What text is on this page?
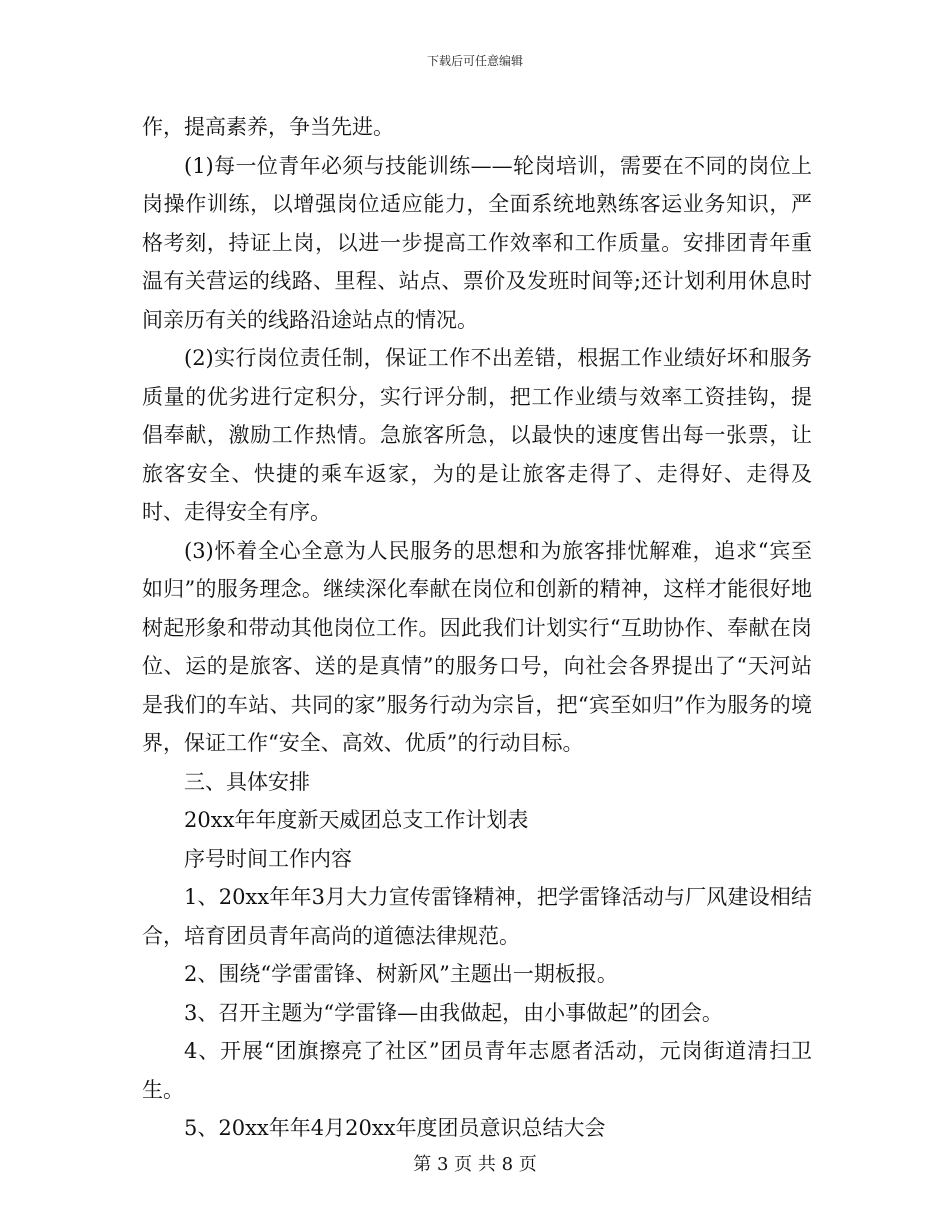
下载后可任意编辑

作，提高素养，争当先进。

(1)每一位青年必须与技能训练——轮岗培训，需要在不同的岗位上岗操作训练，以增强岗位适应能力，全面系统地熟练客运业务知识，严格考刻，持证上岗，以进一步提高工作效率和工作质量。安排团青年重温有关营运的线路、里程、站点、票价及发班时间等;还计划利用休息时间亲历有关的线路沿途站点的情况。

(2)实行岗位责任制，保证工作不出差错，根据工作业绩好坏和服务质量的优劣进行定积分，实行评分制，把工作业绩与效率工资挂钩，提倡奉献，激励工作热情。急旅客所急，以最快的速度售出每一张票，让旅客安全、快捷的乘车返家，为的是让旅客走得了、走得好、走得及时、走得安全有序。

(3)怀着全心全意为人民服务的思想和为旅客排忧解难，追求“宾至如归”的服务理念。继续深化奉献在岗位和创新的精神，这样才能很好地树起形象和带动其他岗位工作。因此我们计划实行“互助协作、奉献在岗位、运的是旅客、送的是真情”的服务口号，向社会各界提出了“天河站是我们的车站、共同的家”服务行动为宗旨，把“宾至如归”作为服务的境界，保证工作“安全、高效、优质”的行动目标。

三、具体安排

20xx年年度新天威团总支工作计划表

序号时间工作内容

1、20xx年年3月大力宣传雷锋精神，把学雷锋活动与厂风建设相结合，培育团员青年高尚的道德法律规范。

2、围绕“学雷雷锋、树新风”主题出一期板报。

3、召开主题为“学雷锋—由我做起，由小事做起”的团会。

4、开展“团旗擦亮了社区”团员青年志愿者活动，元岗街道清扫卫生。

5、20xx年年4月20xx年度团员意识总结大会

第 3 页 共 8 页
